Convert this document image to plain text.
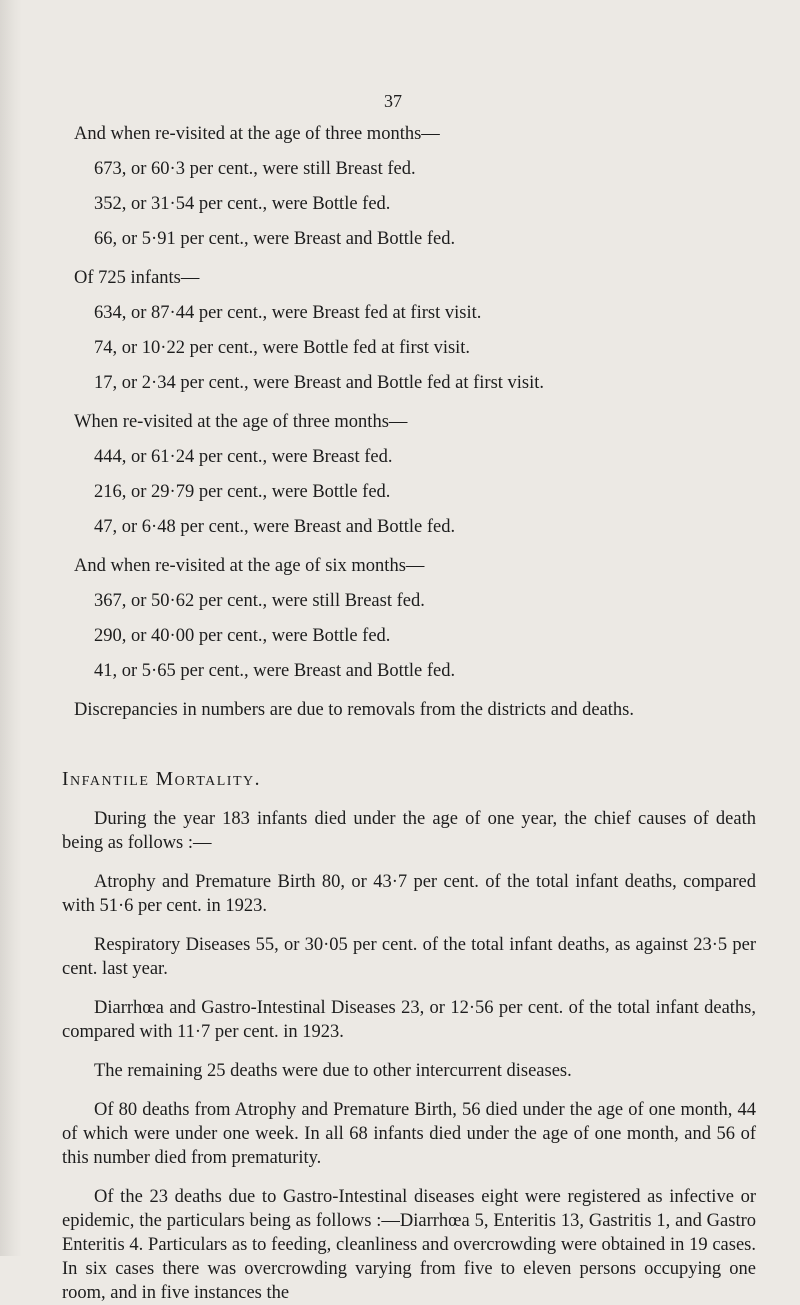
37

And when re-visited at the age of three months—

673, or 60·3 per cent., were still Breast fed.

352, or 31·54 per cent., were Bottle fed.

66, or 5·91 per cent., were Breast and Bottle fed.

Of 725 infants—

634, or 87·44 per cent., were Breast fed at first visit.

74, or 10·22 per cent., were Bottle fed at first visit.

17, or 2·34 per cent., were Breast and Bottle fed at first visit.

When re-visited at the age of three months—

444, or 61·24 per cent., were Breast fed.

216, or 29·79 per cent., were Bottle fed.

47, or 6·48 per cent., were Breast and Bottle fed.

And when re-visited at the age of six months—

367, or 50·62 per cent., were still Breast fed.

290, or 40·00 per cent., were Bottle fed.

41, or 5·65 per cent., were Breast and Bottle fed.

Discrepancies in numbers are due to removals from the districts and deaths.

Infantile Mortality.

During the year 183 infants died under the age of one year, the chief causes of death being as follows :—

Atrophy and Premature Birth 80, or 43·7 per cent. of the total infant deaths, compared with 51·6 per cent. in 1923.

Respiratory Diseases 55, or 30·05 per cent. of the total infant deaths, as against 23·5 per cent. last year.

Diarrhœa and Gastro-Intestinal Diseases 23, or 12·56 per cent. of the total infant deaths, compared with 11·7 per cent. in 1923.

The remaining 25 deaths were due to other intercurrent diseases.

Of 80 deaths from Atrophy and Premature Birth, 56 died under the age of one month, 44 of which were under one week. In all 68 infants died under the age of one month, and 56 of this number died from prematurity.

Of the 23 deaths due to Gastro-Intestinal diseases eight were registered as infective or epidemic, the particulars being as follows :—Diarrhœa 5, Enteritis 13, Gastritis 1, and Gastro Enteritis 4. Particulars as to feeding, cleanliness and overcrowding were obtained in 19 cases. In six cases there was overcrowding varying from five to eleven persons occupying one room, and in five instances the
